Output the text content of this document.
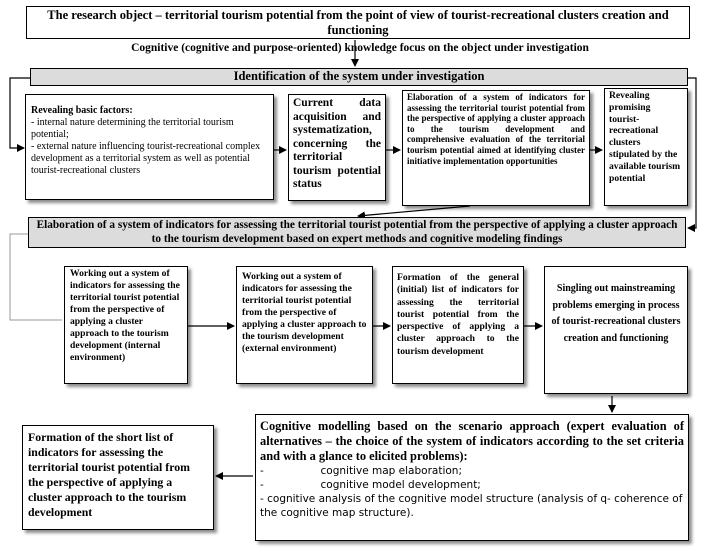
The research object – territorial tourism potential from the point of view of tourist-recreational clusters creation and functioning
Cognitive (cognitive and purpose-oriented) knowledge focus on the object under investigation
Identification of the system under investigation

Revealing basic factors:

- internal nature determining the territorial tourism potential;

- external nature influencing tourist-recreational complex development as a territorial system as well as potential tourist-recreational clusters

Current data acquisition and systematization, concerning the territorial tourism potential status
Elaboration of a system of indicators for assessing the territorial tourist potential from the perspective of applying a cluster approach to the tourism development and comprehensive evaluation of the territorial tourism potential aimed at identifying cluster initiative implementation opportunities
Revealing promising tourist-recreational clusters stipulated by the available tourism potential
Elaboration of a system of indicators for assessing the territorial tourist potential from the perspective of applying a cluster approach to the tourism development based on expert methods and cognitive modeling findings
Working out a system of indicators for assessing the territorial tourist potential from the perspective of applying a cluster approach to the tourism development (internal environment)
Working out a system of indicators for assessing the territorial tourist potential from the perspective of applying a cluster approach to the tourism development (external environment)
Formation of the general (initial) list of indicators for assessing the territorial tourist potential from the perspective of applying a cluster approach to the tourism development
Singling out mainstreaming problems emerging in process of tourist-recreational clusters creation and functioning

Cognitive modelling based on the scenario approach (expert evaluation of alternatives – the choice of the system of indicators according to the set criteria and with a glance to elicited problems):

-                 cognitive map elaboration;

-                 cognitive model development;

- cognitive analysis of the cognitive model structure (analysis of q- coherence of the cognitive map structure).

Formation of the short list of indicators for assessing the territorial tourist potential from the perspective of applying a cluster approach to the tourism development
